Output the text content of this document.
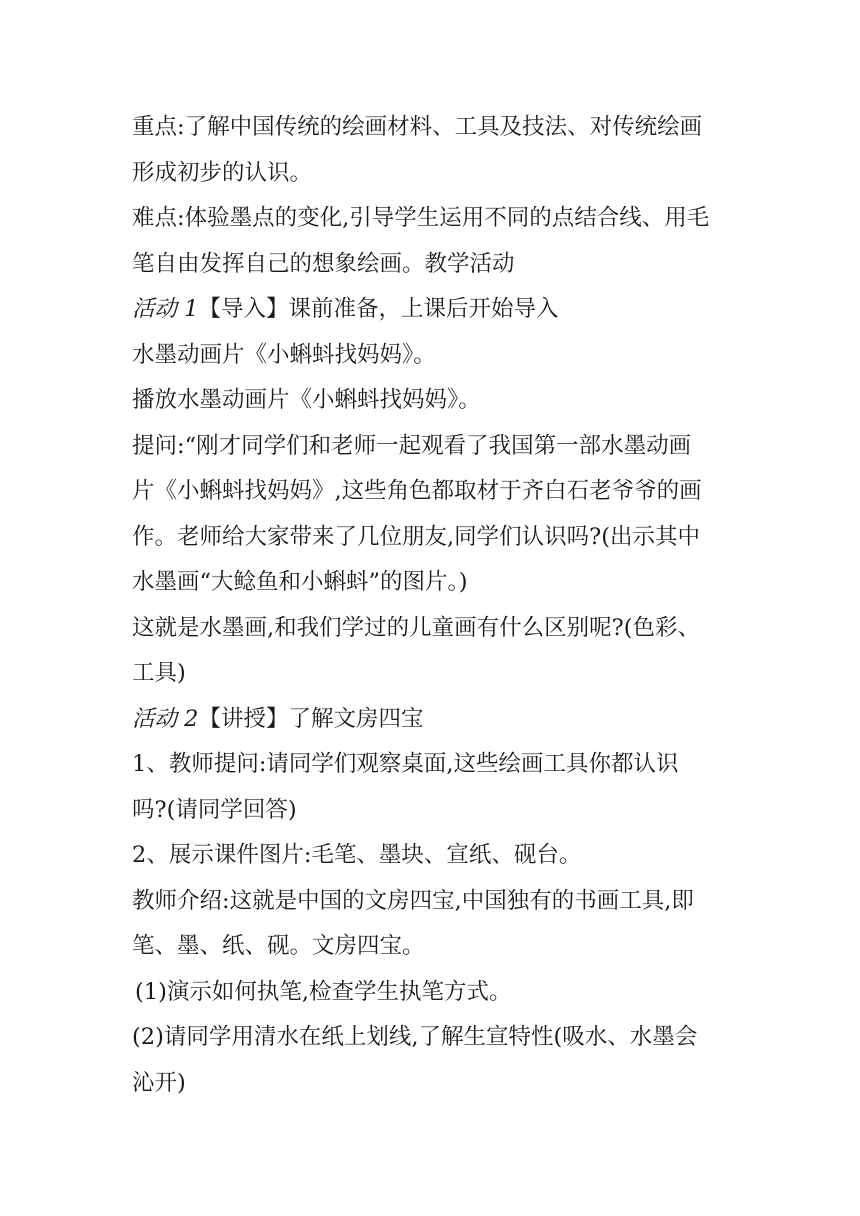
重点:了解中国传统的绘画材料、工具及技法、对传统绘画
形成初步的认识。
难点:体验墨点的变化,引导学生运用不同的点结合线、用毛
笔自由发挥自己的想象绘画。教学活动
活动 1【导入】课前准备，上课后开始导入
水墨动画片《小蝌蚪找妈妈》。
播放水墨动画片《小蝌蚪找妈妈》。
提问:“刚才同学们和老师一起观看了我国第一部水墨动画
片《小蝌蚪找妈妈》,这些角色都取材于齐白石老爷爷的画
作。老师给大家带来了几位朋友,同学们认识吗?(出示其中
水墨画“大鲶鱼和小蝌蚪”的图片。)
这就是水墨画,和我们学过的儿童画有什么区别呢?(色彩、
工具)
活动 2【讲授】了解文房四宝
1、教师提问:请同学们观察桌面,这些绘画工具你都认识
吗?(请同学回答)
2、展示课件图片:毛笔、墨块、宣纸、砚台。
教师介绍:这就是中国的文房四宝,中国独有的书画工具,即
笔、墨、纸、砚。文房四宝。
(1)演示如何执笔,检查学生执笔方式。
(2)请同学用清水在纸上划线,了解生宣特性(吸水、水墨会
沁开)
